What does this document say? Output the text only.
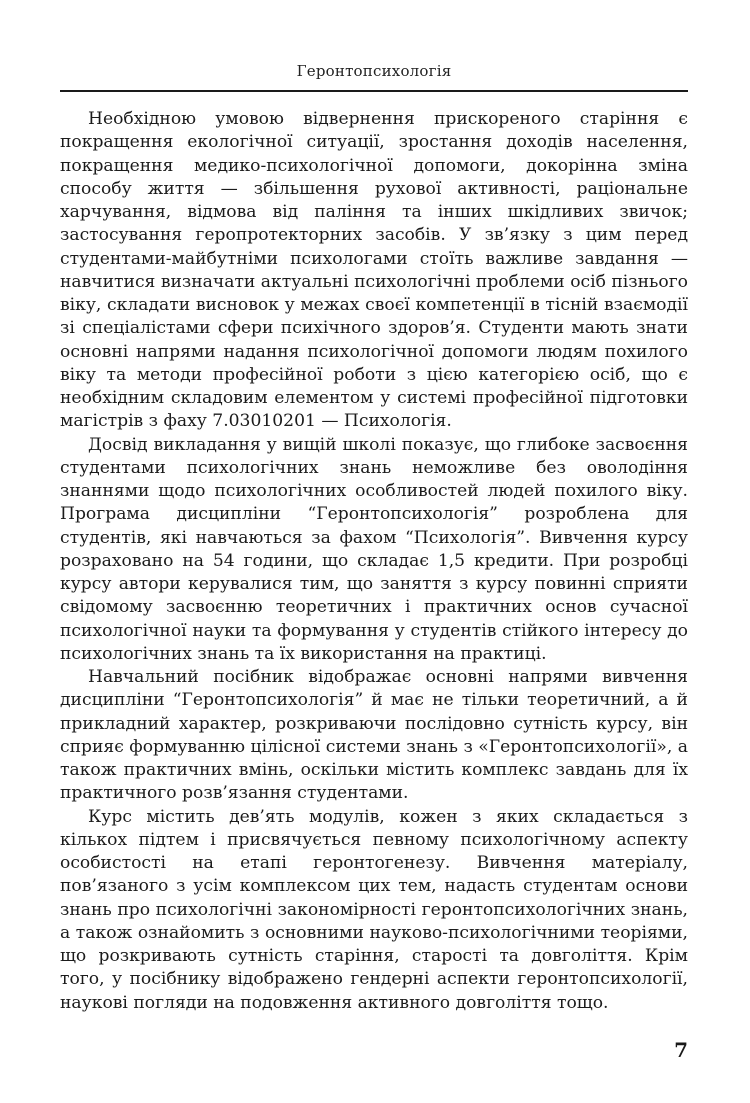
Геронтопсихологія

Необхідною умовою відвернення прискореного старіння є покращення екологічної ситуації, зростання доходів населення, покращення медико-психологічної допомоги, докорінна зміна способу життя — збільшення рухової активності, раціональне харчування, відмова від паління та інших шкідливих звичок; застосування геропротекторних засобів. У зв’язку з цим перед студентами-майбутніми психологами стоїть важливе завдання — навчитися визначати актуальні психологічні проблеми осіб пізнього віку, складати висновок у межах своєї компетенції в тісній взаємодії зі спеціалістами сфери психічного здоров’я. Студенти мають знати основні напрями надання психологічної допомоги людям похилого віку та методи професійної роботи з цією категорією осіб, що є необхідним складовим елементом у системі професійної підготовки магістрів з фаху 7.03010201 — Психологія.

Досвід викладання у вищій школі показує, що глибоке засвоєння студентами психологічних знань неможливе без оволодіння знаннями щодо психологічних особливостей людей похилого віку. Програма дисципліни “Геронтопсихологія” розроблена для студентів, які навчаються за фахом “Психологія”. Вивчення курсу розраховано на 54 години, що складає 1,5 кредити. При розробці курсу автори керувалися тим, що заняття з курсу повинні сприяти свідомому засвоєнню теоретичних і практичних основ сучасної психологічної науки та формування у студентів стійкого інтересу до психологічних знань та їх використання на практиці.

Навчальний посібник відображає основні напрями вивчення дисципліни “Геронтопсихологія” й має не тільки теоретичний, а й прикладний характер, розкриваючи послідовно сутність курсу, він сприяє формуванню цілісної системи знань з «Геронтопсихології», а також практичних вмінь, оскільки містить комплекс завдань для їх практичного розв’язання студентами.

Курс містить дев’ять модулів, кожен з яких складається з кількох підтем і присвячується певному психологічному аспекту особистості на етапі геронтогенезу. Вивчення матеріалу, пов’язаного з усім комплексом цих тем, надасть студентам основи знань про психологічні закономірності геронтопсихологічних знань, а також ознайомить з основними науково-психологічними теоріями, що розкривають сутність старіння, старості та довголіття. Крім того, у посібнику відображено гендерні аспекти геронтопсихології, наукові погляди на подовження активного довголіття тощо.

7
